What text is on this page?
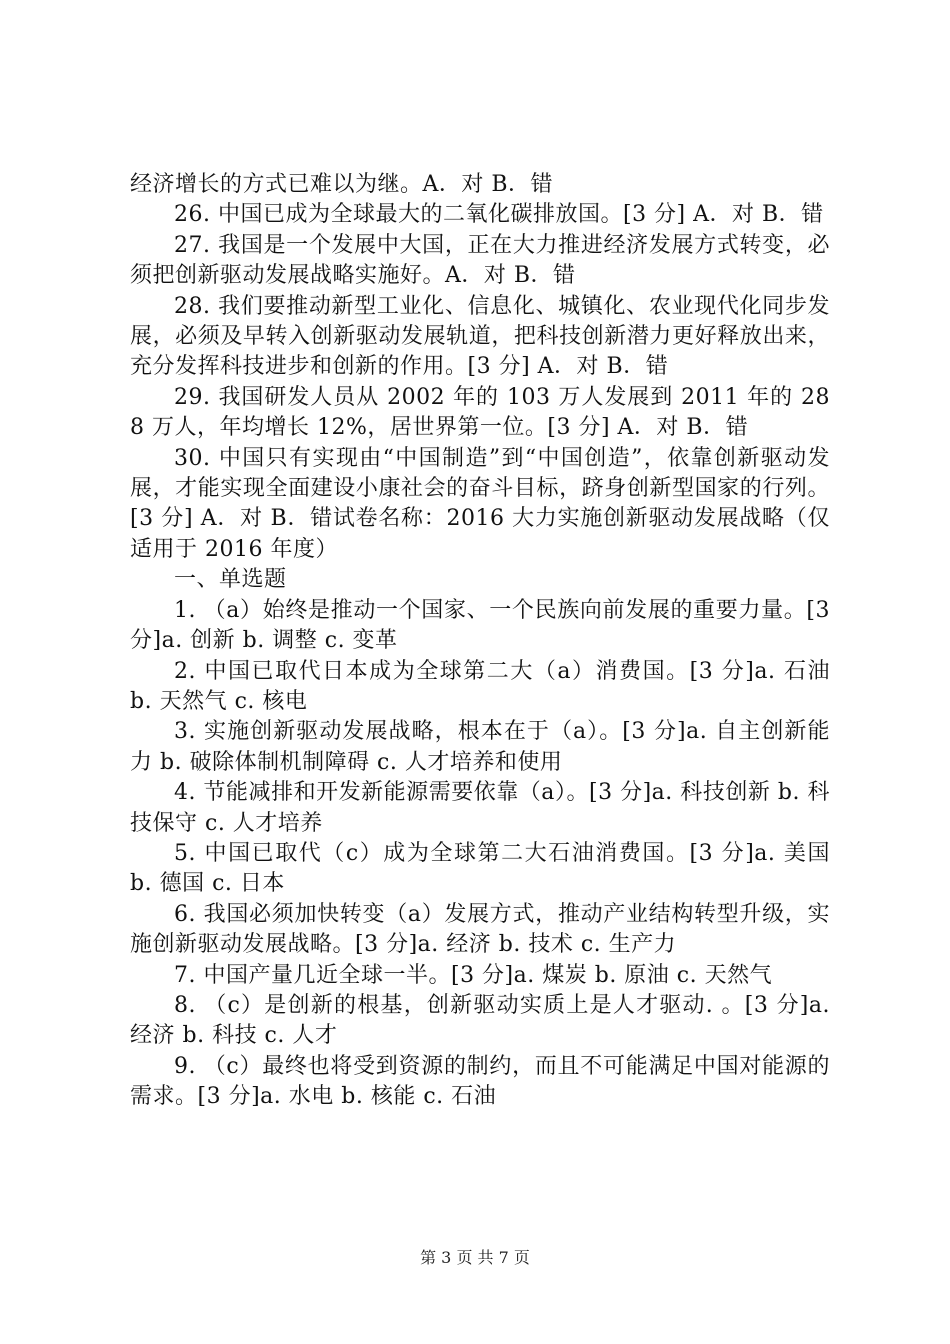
经济增长的方式已难以为继。A．对 B．错

26. 中国已成为全球最大的二氧化碳排放国。[3 分] A．对 B．错

27. 我国是一个发展中大国，正在大力推进经济发展方式转变，必须把创新驱动发展战略实施好。A．对 B．错

28. 我们要推动新型工业化、信息化、城镇化、农业现代化同步发展，必须及早转入创新驱动发展轨道，把科技创新潜力更好释放出来，充分发挥科技进步和创新的作用。[3 分] A．对 B．错

29. 我国研发人员从 2002 年的 103 万人发展到 2011 年的 288 万人，年均增长 12%，居世界第一位。[3 分] A．对 B．错

30. 中国只有实现由“中国制造”到“中国创造”，依靠创新驱动发展，才能实现全面建设小康社会的奋斗目标，跻身创新型国家的行列。[3 分] A．对 B．错试卷名称：2016 大力实施创新驱动发展战略（仅适用于 2016 年度）

一、单选题

1. （a）始终是推动一个国家、一个民族向前发展的重要力量。[3 分]a. 创新 b. 调整 c. 变革

2. 中国已取代日本成为全球第二大（a）消费国。[3 分]a. 石油 b. 天然气 c. 核电

3. 实施创新驱动发展战略，根本在于（a）。[3 分]a. 自主创新能力 b. 破除体制机制障碍 c. 人才培养和使用

4. 节能减排和开发新能源需要依靠（a）。[3 分]a. 科技创新 b. 科技保守 c. 人才培养

5. 中国已取代（c）成为全球第二大石油消费国。[3 分]a. 美国 b. 德国 c. 日本

6. 我国必须加快转变（a）发展方式，推动产业结构转型升级，实施创新驱动发展战略。[3 分]a. 经济 b. 技术 c. 生产力

7. 中国产量几近全球一半。[3 分]a. 煤炭 b. 原油 c. 天然气

8. （c）是创新的根基，创新驱动实质上是人才驱动. 。[3 分]a. 经济 b. 科技 c. 人才

9. （c）最终也将受到资源的制约，而且不可能满足中国对能源的需求。[3 分]a. 水电 b. 核能 c. 石油

第 3 页 共 7 页
